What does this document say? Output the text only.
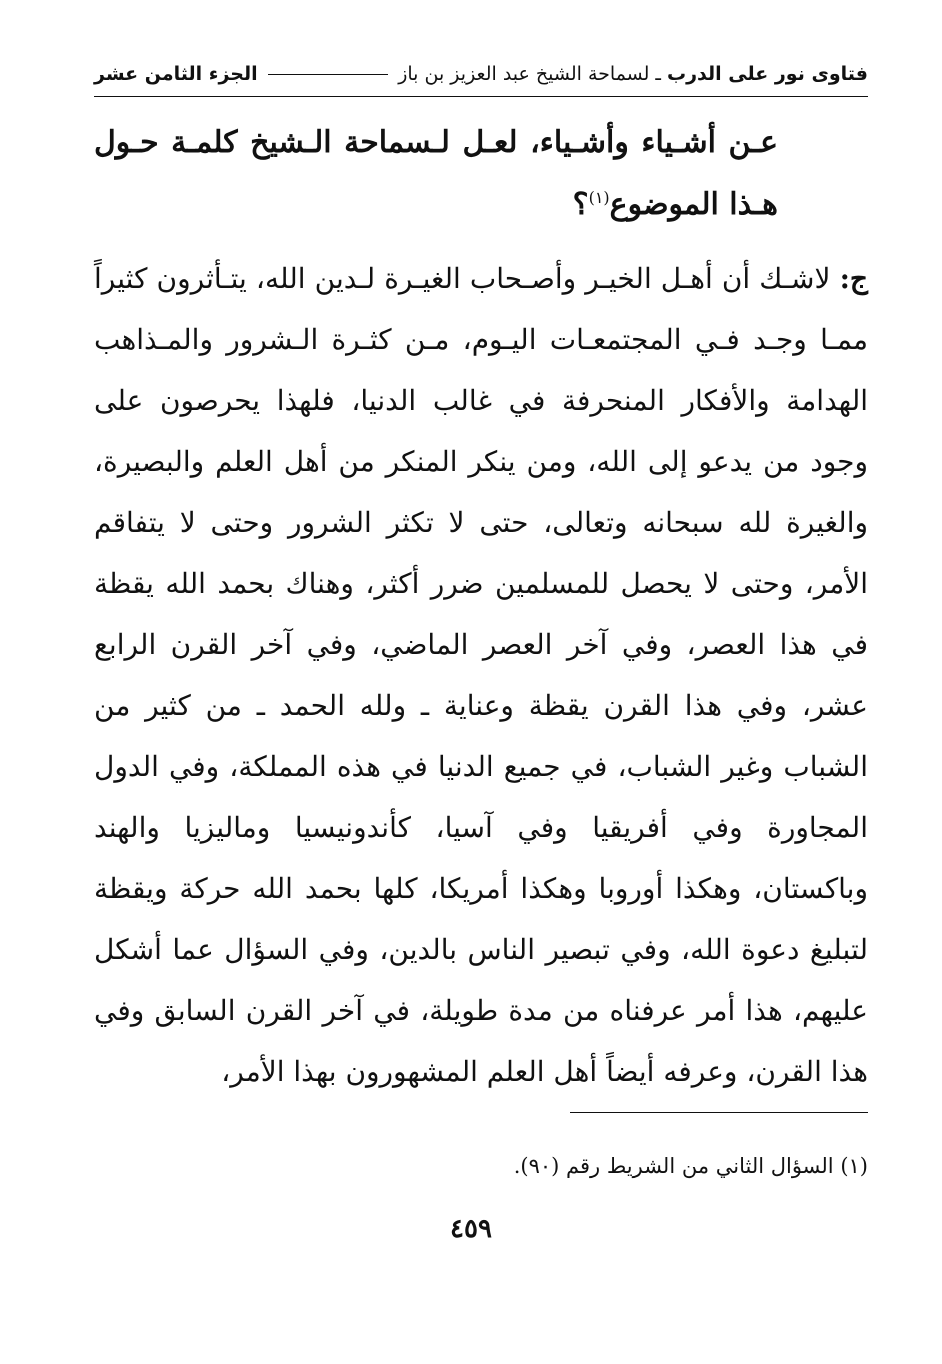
فتاوى نور على الدرب
ـ
لسماحة الشيخ عبد العزيز بن باز
الجزء الثامن عشر
عـن أشـياء وأشـياء، لعـل لـسماحة الـشيخ كلمـة حـول هـذا الموضوع$^{(١)}$؟
ج: لاشـك أن أهـل الخيـر وأصـحاب الغيـرة لـدين الله، يتـأثرون كثيراً ممـا وجـد فـي المجتمعـات اليـوم، مـن كثـرة الـشرور والمـذاهب الهدامة والأفكار المنحرفة في غالب الدنيا، فلهذا يحرصون على وجود من يدعو إلى الله، ومن ينكر المنكر من أهل العلم والبصيرة، والغيرة لله سبحانه وتعالى، حتى لا تكثر الشرور وحتى لا يتفاقم الأمر، وحتى لا يحصل للمسلمين ضرر أكثر، وهناك بحمد الله يقظة في هذا العصر، وفي آخر العصر الماضي، وفي آخر القرن الرابع عشر، وفي هذا القرن يقظة وعناية ـ ولله الحمد ـ من كثير من الشباب وغير الشباب، في جميع الدنيا في هذه المملكة، وفي الدول المجاورة وفي أفريقيا وفي آسيا، كأندونيسيا وماليزيا والهند وباكستان، وهكذا أوروبا وهكذا أمريكا، كلها بحمد الله حركة ويقظة لتبليغ دعوة الله، وفي تبصير الناس بالدين، وفي السؤال عما أشكل عليهم، هذا أمر عرفناه من مدة طويلة، في آخر القرن السابق وفي هذا القرن، وعرفه أيضاً أهل العلم المشهورون بهذا الأمر،
(١) السؤال الثاني من الشريط رقم (٩٠).
٤٥٩
